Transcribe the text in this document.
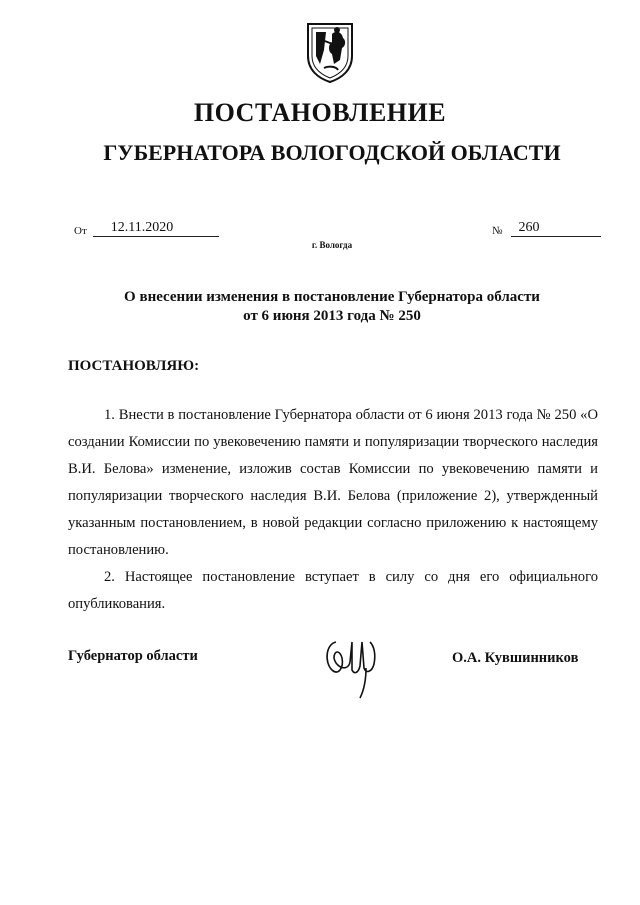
ПОСТАНОВЛЕНИЕ
ГУБЕРНАТОРА ВОЛОГОДСКОЙ ОБЛАСТИ
От	12.11.2020	№	260
г. Вологда
О внесении изменения в постановление Губернатора области
от 6 июня 2013 года № 250
ПОСТАНОВЛЯЮ:
1. Внести в постановление Губернатора области от 6 июня 2013 года № 250 «О создании Комиссии по увековечению памяти и популяризации творческого наследия В.И. Белова» изменение, изложив состав Комиссии по увековечению памяти и популяризации творческого наследия В.И. Белова (приложение 2), утвержденный указанным постановлением, в новой редакции согласно приложению к настоящему постановлению.
2. Настоящее постановление вступает в силу со дня его официального опубликования.
Губернатор области	О.А. Кувшинников
